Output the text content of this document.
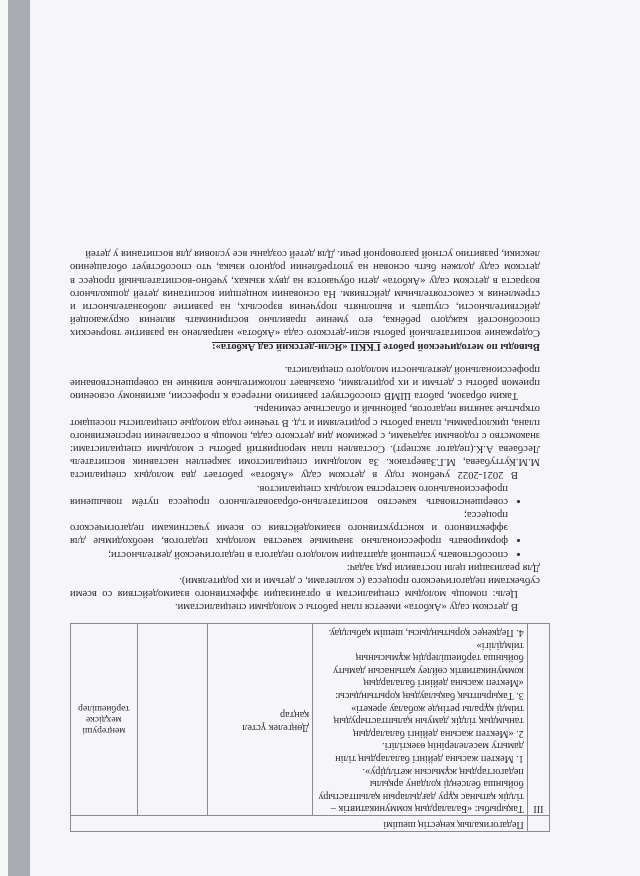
	Педагогикалық кеңестің шешімі			
III	Тақырыбы: «Балалардың коммуникативтік – тілдік қатынас құру дағдыларын қалыптастыру бойынша белсенді қолдану арқылы педагогтардың жұмысын жетілдіру».
1. Мектеп жасына дейінгі балалардың тілін дамыту мәселелерінің өзектілігі.
2. «Мектеп жасына дейінгі балалардың танымдық тілдік дамуын қалыптастырудың тиімді құралы ретінде жобалау әрекеті»
3. Тақырыптық бақылаудың қорытындысы: «Мектеп жасына дейінгі балалардың коммуникативтік сөйлеу қатынасын дамыту бойынша тәрбиешілердің жұмысының тиімділігі»
4. Педкеңес қорытындысы, шешім қабылдау.	Дөңгелек үстел қаңтар		меңгеруші меҳдіске тәрбиешілер

В детском саду «Акбота» имеется план работы с молодыми специалистами.

Цель: помощь молодым специалистам в организации эффективного взаимодействия со всеми субъектами педагогического процесса (с коллегами, с детьми и их родителями).

Для реализации цели поставили ряд задач:

• способствовать успешной адаптации молодого педагога в педагогической деятельности;
• формировать профессионально значимые качества молодых педагогов, необходимые для эффективного и конструктивного взаимодействия со всеми участниками педагогического процесса;
• совершенствовать качество воспитательно-образовательного процесса путём повышения профессионального мастерства молодых специалистов.

В 2021-2022 учебном году в детском саду «Акбота» работает два молодых специалиста М.М.Куттубаева, М.Г.Завертаюк. За молодыми специалистоми закреплен наставник воспитатель Лесбаева А.К.(педагог эксперт). Составлен план мероприятий работы с молодыми специалистами: знакомство с годовыми задачами, с режимом дня детского сада, помощь в составлении перспективного плана, циклограммы, плана работы с родителями и т.д. В течение года молодые специалисты посещают открытые занятия педагогов, районный и областные семинары.

Таким образом, работа ШМВ способствует развитию интереса к профессии, активному освоению приемов работы с детьми и их родителями, оказывает положительное влияние на совершенствование профессиональной деятельности молодого специалиста.

Выводы по методической работе ГККП «Ясли-детский сад Акбота»:

Содержание воспитательной работы ясли-детского сада «Акбота» направлено на развитие творческих способностей каждого ребёнка, его умение правильно воспринимать явления окружающей действительности, слушать и выполнять поручения взрослых, на развитие любознательности и стремления к самостоятельным действиям. На основании концепции воспитания детей дошкольного возраста в детском саду «Акбота» дети обучаются на двух языках, учебно-воспитательный процесс в детском саду должен быть основан на употреблении родного языка, что способствует обогащению лексики, развитию устной разговорной речи. Для детей созданы все условия для воспитания у детей
